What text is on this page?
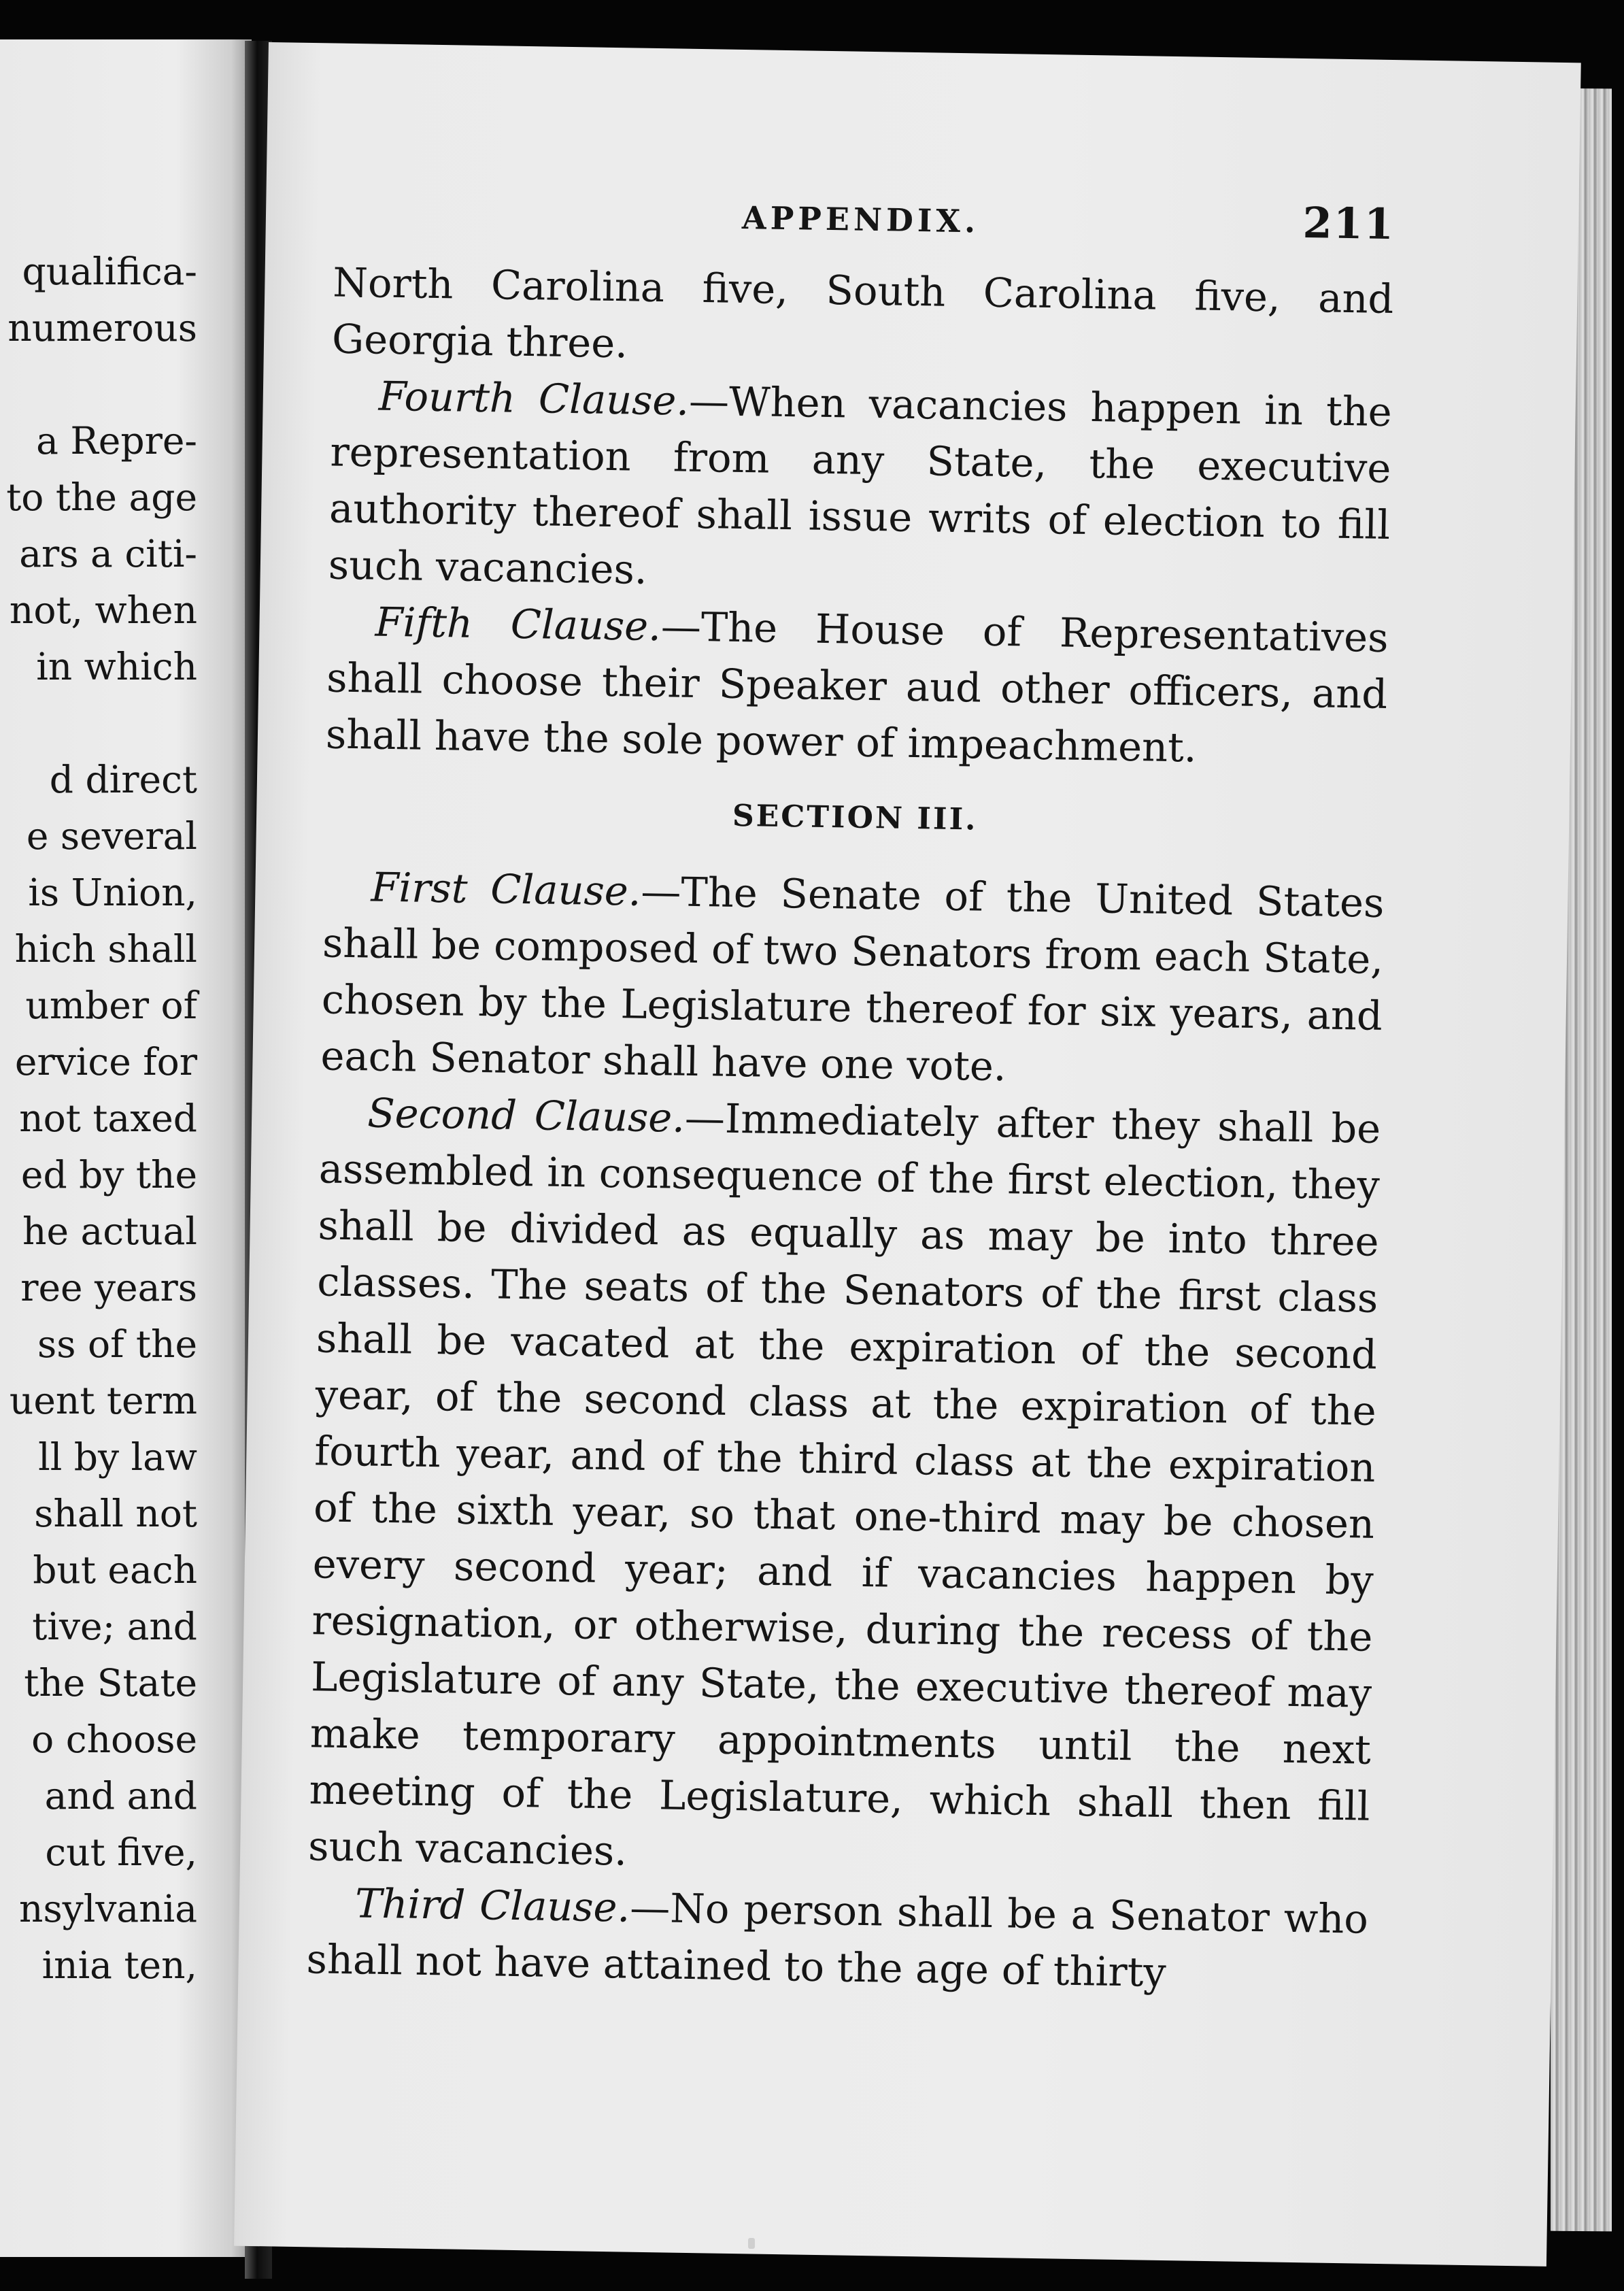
qualifica-
numerous
a Repre-
to the age
ars a citi-
not, when
in which
d direct
e several
is Union,
hich shall
umber of
ervice for
not taxed
ed by the
he actual
ree years
ss of the
uent term
ll by law
shall not
but each
tive; and
the State
o choose
and and
cut five,
nsylvania
inia ten,
APPENDIX.	211

North Carolina five, South Carolina five, and Georgia three.

Fourth Clause.—When vacancies happen in the representation from any State, the executive authority thereof shall issue writs of election to fill such vacancies.

Fifth Clause.—The House of Representatives shall choose their Speaker aud other officers, and shall have the sole power of impeachment.

SECTION III.

First Clause.—The Senate of the United States shall be composed of two Senators from each State, chosen by the Legislature thereof for six years, and each Senator shall have one vote.

Second Clause.—Immediately after they shall be assembled in consequence of the first election, they shall be divided as equally as may be into three classes. The seats of the Senators of the first class shall be vacated at the expiration of the second year, of the second class at the expiration of the fourth year, and of the third class at the expiration of the sixth year, so that one-third may be chosen every second year; and if vacancies happen by resignation, or otherwise, during the recess of the Legislature of any State, the executive thereof may make temporary appointments until the next meeting of the Legislature, which shall then fill such vacancies.

Third Clause.—No person shall be a Senator who shall not have attained to the age of thirty
